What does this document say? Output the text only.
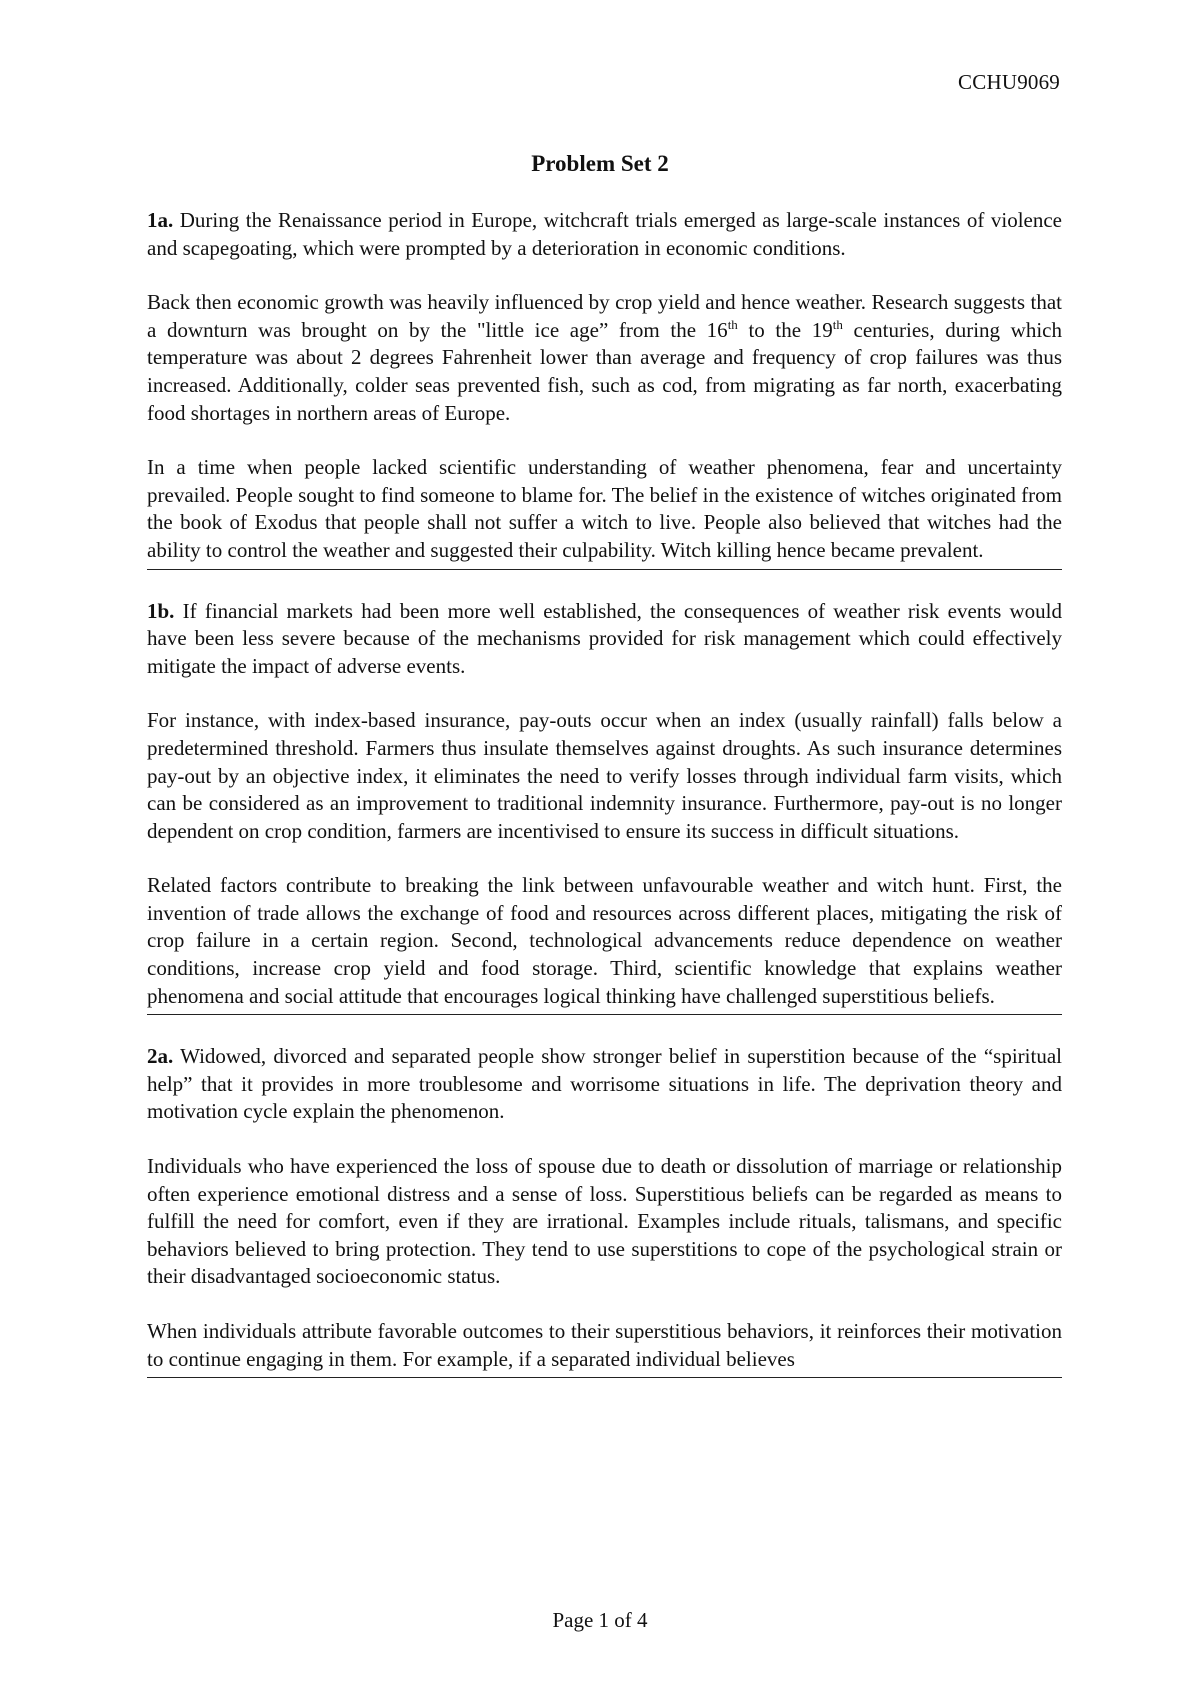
CCHU9069
Problem Set 2

1a. During the Renaissance period in Europe, witchcraft trials emerged as large-scale instances of violence and scapegoating, which were prompted by a deterioration in economic conditions.

Back then economic growth was heavily influenced by crop yield and hence weather. Research suggests that a downturn was brought on by the "little ice age” from the 16th to the 19th centuries, during which temperature was about 2 degrees Fahrenheit lower than average and frequency of crop failures was thus increased. Additionally, colder seas prevented fish, such as cod, from migrating as far north, exacerbating food shortages in northern areas of Europe.

In a time when people lacked scientific understanding of weather phenomena, fear and uncertainty prevailed. People sought to find someone to blame for. The belief in the existence of witches originated from the book of Exodus that people shall not suffer a witch to live. People also believed that witches had the ability to control the weather and suggested their culpability. Witch killing hence became prevalent.

1b. If financial markets had been more well established, the consequences of weather risk events would have been less severe because of the mechanisms provided for risk management which could effectively mitigate the impact of adverse events.

For instance, with index-based insurance, pay-outs occur when an index (usually rainfall) falls below a predetermined threshold. Farmers thus insulate themselves against droughts. As such insurance determines pay-out by an objective index, it eliminates the need to verify losses through individual farm visits, which can be considered as an improvement to traditional indemnity insurance. Furthermore, pay-out is no longer dependent on crop condition, farmers are incentivised to ensure its success in difficult situations.

Related factors contribute to breaking the link between unfavourable weather and witch hunt. First, the invention of trade allows the exchange of food and resources across different places, mitigating the risk of crop failure in a certain region. Second, technological advancements reduce dependence on weather conditions, increase crop yield and food storage. Third, scientific knowledge that explains weather phenomena and social attitude that encourages logical thinking have challenged superstitious beliefs.

2a. Widowed, divorced and separated people show stronger belief in superstition because of the “spiritual help” that it provides in more troublesome and worrisome situations in life. The deprivation theory and motivation cycle explain the phenomenon.

Individuals who have experienced the loss of spouse due to death or dissolution of marriage or relationship often experience emotional distress and a sense of loss. Superstitious beliefs can be regarded as means to fulfill the need for comfort, even if they are irrational. Examples include rituals, talismans, and specific behaviors believed to bring protection. They tend to use superstitions to cope of the psychological strain or their disadvantaged socioeconomic status.

When individuals attribute favorable outcomes to their superstitious behaviors, it reinforces their motivation to continue engaging in them. For example, if a separated individual believes

Page 1 of 4
